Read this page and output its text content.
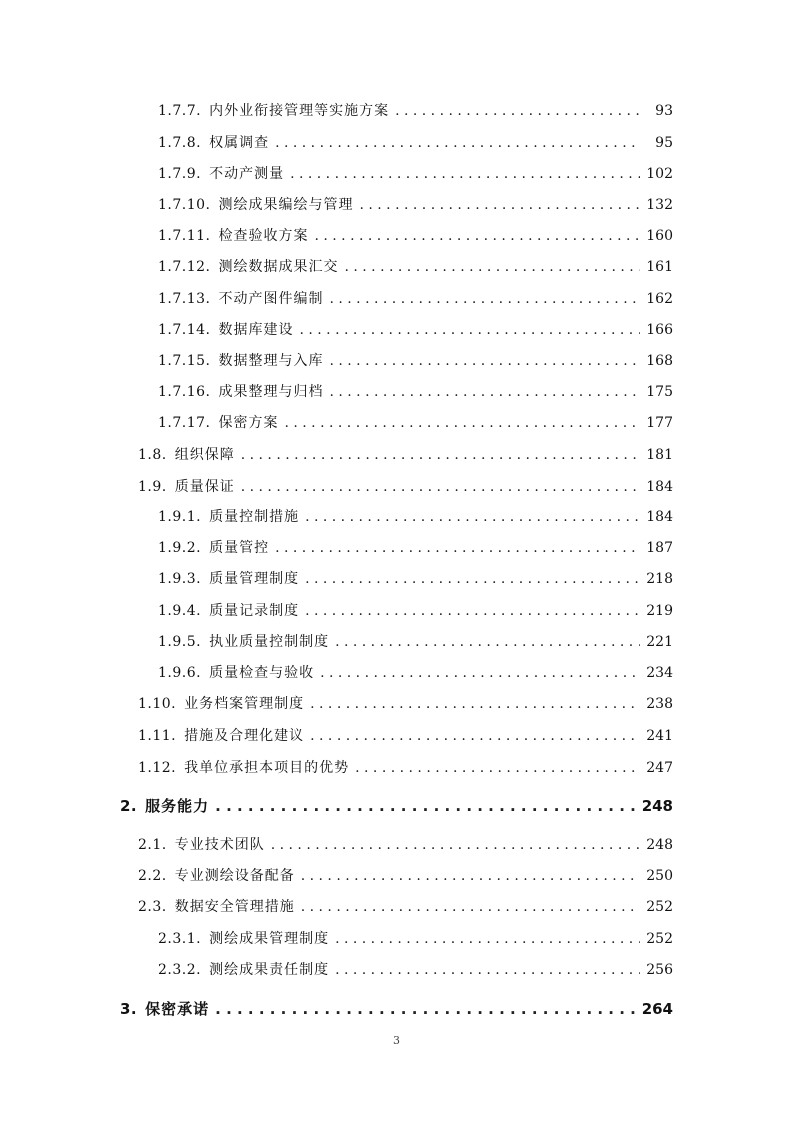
1.7.7. 内外业衔接管理等实施方案 . . .	93
1.7.8. 权属调查 . . .	95
1.7.9. 不动产测量 . . .	102
1.7.10. 测绘成果编绘与管理 . . .	132
1.7.11. 检查验收方案 . . .	160
1.7.12. 测绘数据成果汇交 . . .	161
1.7.13. 不动产图件编制 . . .	162
1.7.14. 数据库建设 . . .	166
1.7.15. 数据整理与入库 . . .	168
1.7.16. 成果整理与归档 . . .	175
1.7.17. 保密方案 . . .	177
1.8. 组织保障 . . .	181
1.9. 质量保证 . . .	184
1.9.1. 质量控制措施 . . .	184
1.9.2. 质量管控 . . .	187
1.9.3. 质量管理制度 . . .	218
1.9.4. 质量记录制度 . . .	219
1.9.5. 执业质量控制制度 . . .	221
1.9.6. 质量检查与验收 . . .	234
1.10. 业务档案管理制度 . . .	238
1.11. 措施及合理化建议 . . .	241
1.12. 我单位承担本项目的优势 . . .	247
2. 服务能力 . . .	248
2.1. 专业技术团队 . . .	248
2.2. 专业测绘设备配备 . . .	250
2.3. 数据安全管理措施 . . .	252
2.3.1. 测绘成果管理制度 . . .	252
2.3.2. 测绘成果责任制度 . . .	256
3. 保密承诺 . . .	264
3
